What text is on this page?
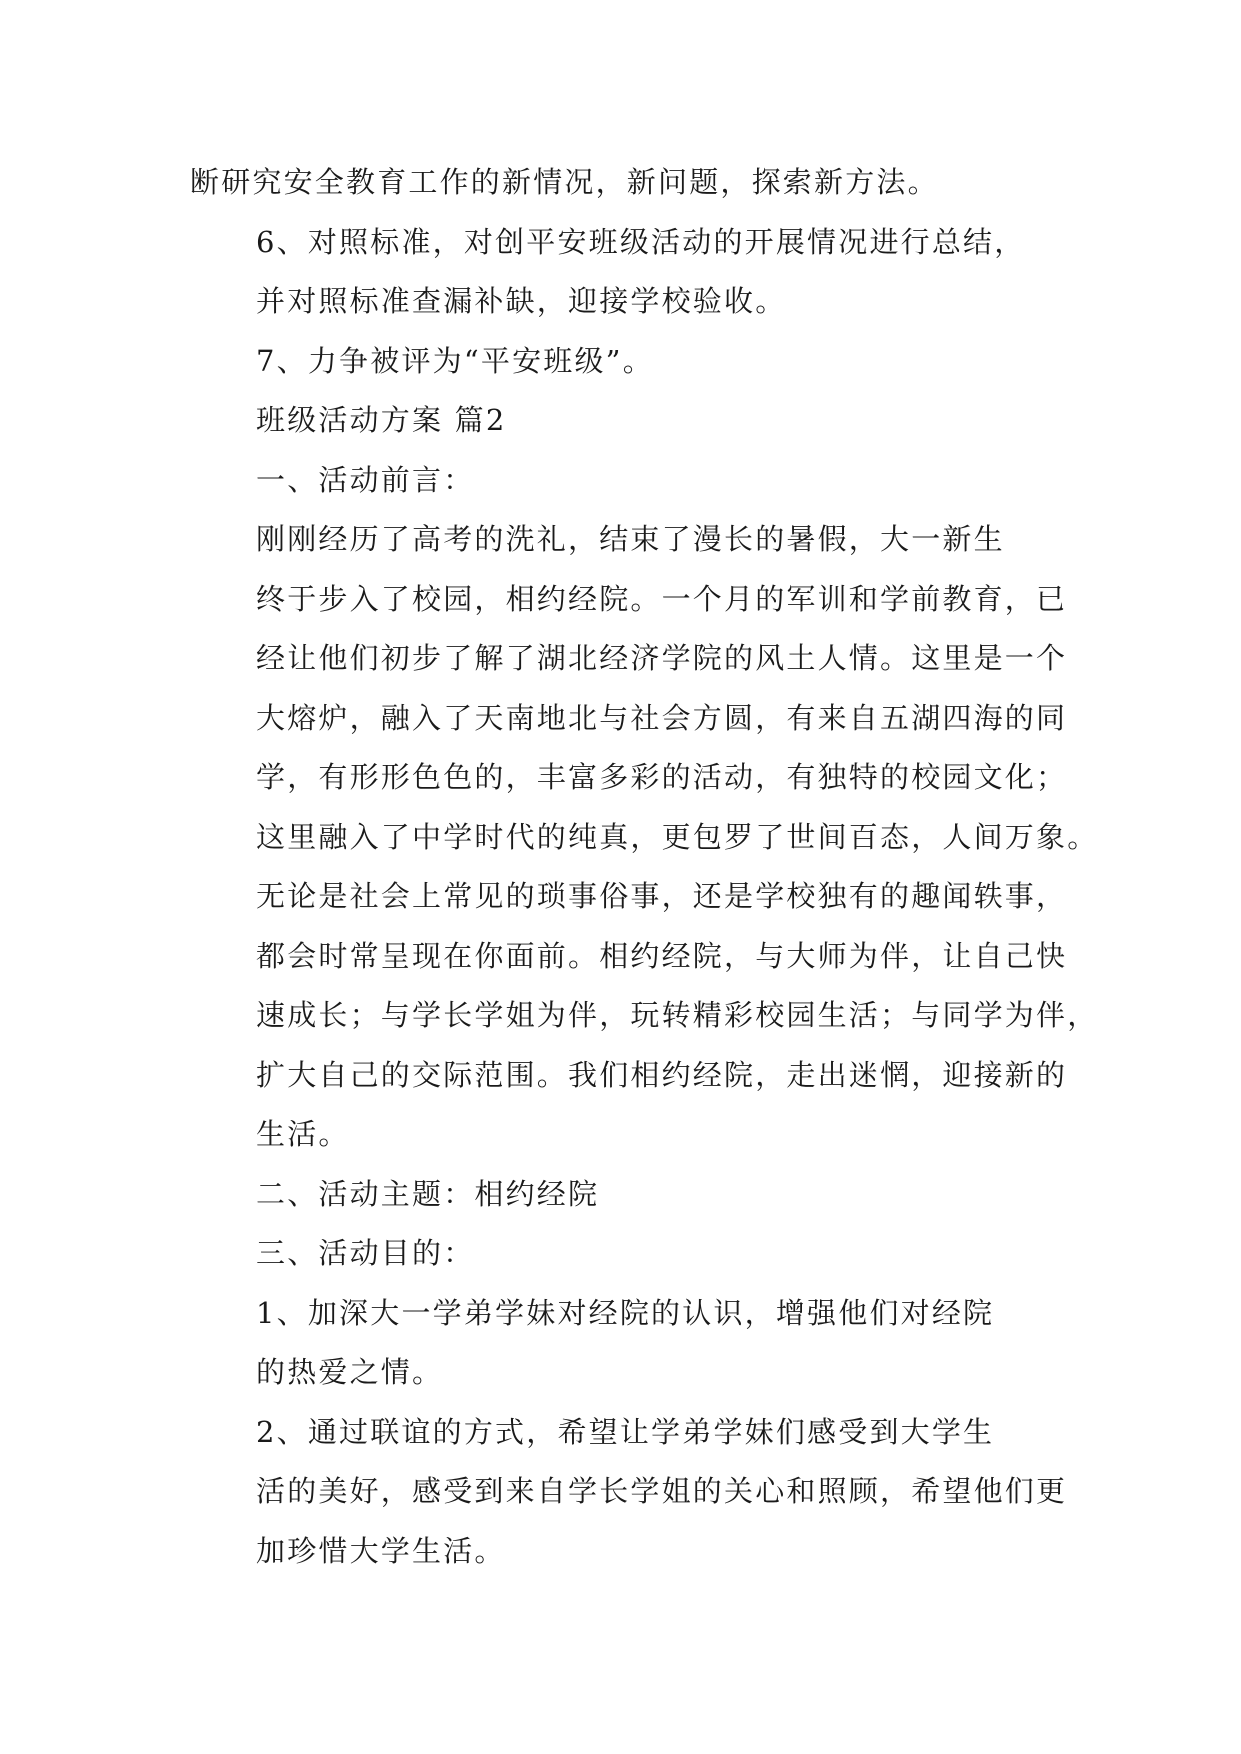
断研究安全教育工作的新情况，新问题，探索新方法。
6、对照标准，对创平安班级活动的开展情况进行总结，
并对照标准查漏补缺，迎接学校验收。
7、力争被评为“平安班级”。
班级活动方案 篇2
一、活动前言：
刚刚经历了高考的洗礼，结束了漫长的暑假，大一新生
终于步入了校园，相约经院。一个月的军训和学前教育，已
经让他们初步了解了湖北经济学院的风土人情。这里是一个
大熔炉，融入了天南地北与社会方圆，有来自五湖四海的同
学，有形形色色的，丰富多彩的活动，有独特的校园文化；
这里融入了中学时代的纯真，更包罗了世间百态，人间万象。
无论是社会上常见的琐事俗事，还是学校独有的趣闻轶事，
都会时常呈现在你面前。相约经院，与大师为伴，让自己快
速成长；与学长学姐为伴，玩转精彩校园生活；与同学为伴，
扩大自己的交际范围。我们相约经院，走出迷惘，迎接新的
生活。
二、活动主题：相约经院
三、活动目的：
1、加深大一学弟学妹对经院的认识，增强他们对经院
的热爱之情。
2、通过联谊的方式，希望让学弟学妹们感受到大学生
活的美好，感受到来自学长学姐的关心和照顾，希望他们更
加珍惜大学生活。
